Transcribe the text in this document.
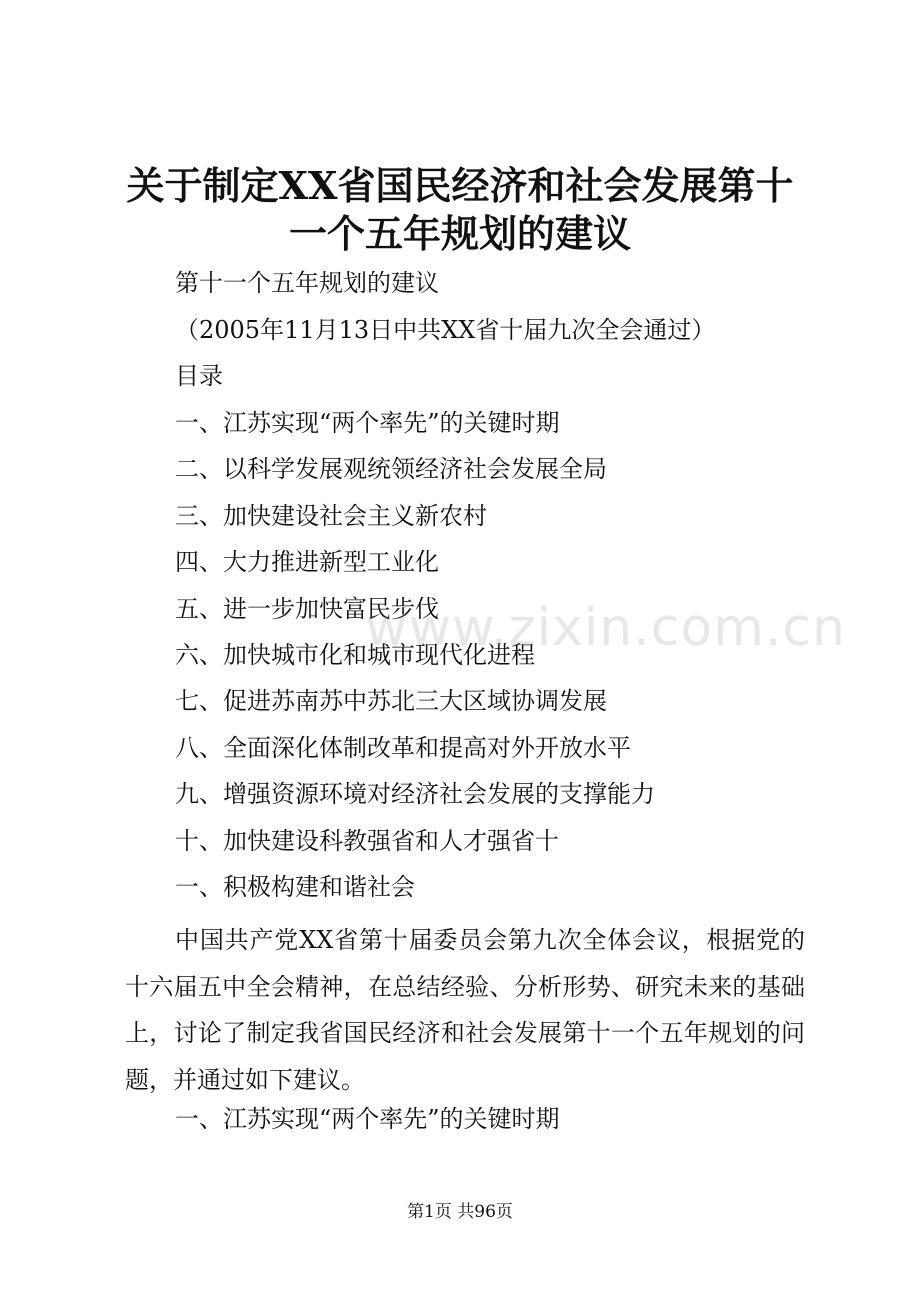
关于制定XX省国民经济和社会发展第十一个五年规划的建议
第十一个五年规划的建议
（2005年11月13日中共XX省十届九次全会通过）
目录
一、江苏实现“两个率先”的关键时期
二、以科学发展观统领经济社会发展全局
三、加快建设社会主义新农村
四、大力推进新型工业化
五、进一步加快富民步伐
六、加快城市化和城市现代化进程
七、促进苏南苏中苏北三大区域协调发展
八、全面深化体制改革和提高对外开放水平
九、增强资源环境对经济社会发展的支撑能力
十、加快建设科教强省和人才强省十
一、积极构建和谐社会
中国共产党XX省第十届委员会第九次全体会议，根据党的十六届五中全会精神，在总结经验、分析形势、研究未来的基础上，讨论了制定我省国民经济和社会发展第十一个五年规划的问题，并通过如下建议。
一、江苏实现“两个率先”的关键时期
www.zixin.com.cn
第1页 共96页
